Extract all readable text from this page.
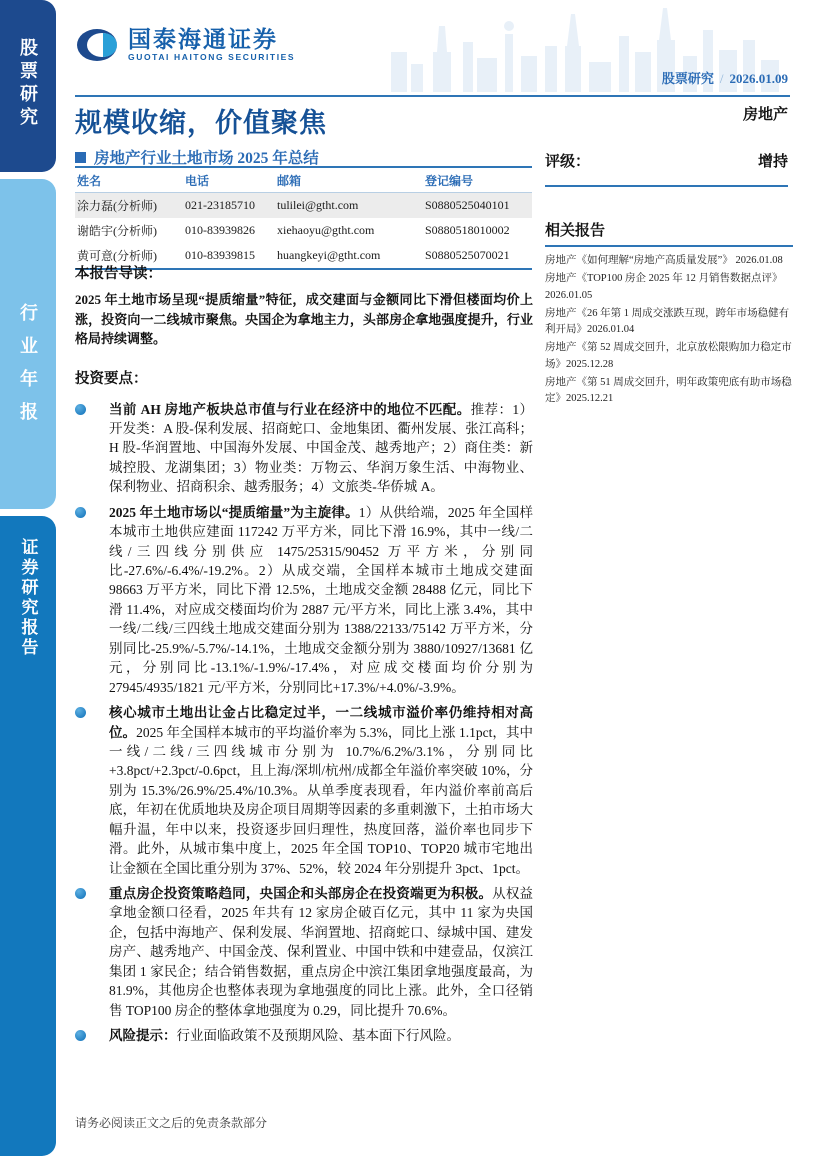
股票研究
行业年报
证券研究报告
国泰海通证券
GUOTAI HAITONG SECURITIES
股票研究 / 2026.01.09
规模收缩，价值聚焦
房地产行业土地市场 2025 年总结
房地产
评级：	增持
相关报告
房地产《如何理解“房地产高质量发展”》 2026.01.08
房地产《TOP100 房企 2025 年 12 月销售数据点评》2026.01.05
房地产《26 年第 1 周成交涨跌互现，跨年市场稳健有利开局》2026.01.04
房地产《第 52 周成交回升，北京放松限购加力稳定市场》2025.12.28
房地产《第 51 周成交回升，明年政策兜底有助市场稳定》2025.12.21
姓名	电话	邮箱	登记编号
涂力磊(分析师)	021-23185710	tulilei@gtht.com	S0880525040101
谢皓宇(分析师)	010-83939826	xiehaoyu@gtht.com	S0880518010002
黄可意(分析师)	010-83939815	huangkeyi@gtht.com	S0880525070021
本报告导读：
2025 年土地市场呈现“提质缩量”特征，成交建面与金额同比下滑但楼面均价上涨，投资向一二线城市聚焦。央国企为拿地主力，头部房企拿地强度提升，行业格局持续调整。
投资要点：
当前 AH 房地产板块总市值与行业在经济中的地位不匹配。推荐：1）开发类：A 股-保利发展、招商蛇口、金地集团、衢州发展、张江高科；H 股-华润置地、中国海外发展、中国金茂、越秀地产；2）商住类：新城控股、龙湖集团；3）物业类：万物云、华润万象生活、中海物业、保利物业、招商积余、越秀服务；4）文旅类-华侨城 A。
2025 年土地市场以“提质缩量”为主旋律。1）从供给端，2025 年全国样本城市土地供应建面 117242 万平方米，同比下滑 16.9%，其中一线/二线/三四线分别供应 1475/25315/90452 万平方米，分别同比-27.6%/-6.4%/-19.2%。2）从成交端，全国样本城市土地成交建面 98663 万平方米，同比下滑 12.5%，土地成交金额 28488 亿元，同比下滑 11.4%，对应成交楼面均价为 2887 元/平方米，同比上涨 3.4%，其中一线/二线/三四线土地成交建面分别为 1388/22133/75142 万平方米，分别同比-25.9%/-5.7%/-14.1%，土地成交金额分别为 3880/10927/13681 亿元，分别同比-13.1%/-1.9%/-17.4%，对应成交楼面均价分别为 27945/4935/1821 元/平方米，分别同比+17.3%/+4.0%/-3.9%。
核心城市土地出让金占比稳定过半，一二线城市溢价率仍维持相对高位。2025 年全国样本城市的平均溢价率为 5.3%，同比上涨 1.1pct，其中一线/二线/三四线城市分别为 10.7%/6.2%/3.1%，分别同比+3.8pct/+2.3pct/-0.6pct，且上海/深圳/杭州/成都全年溢价率突破 10%，分别为 15.3%/26.9%/25.4%/10.3%。从单季度表现看，年内溢价率前高后底，年初在优质地块及房企项目周期等因素的多重刺激下，土拍市场大幅升温，年中以来，投资逐步回归理性，热度回落，溢价率也同步下滑。此外，从城市集中度上，2025 年全国 TOP10、TOP20 城市宅地出让金额在全国比重分别为 37%、52%，较 2024 年分别提升 3pct、1pct。
重点房企投资策略趋同，央国企和头部房企在投资端更为积极。从权益拿地金额口径看，2025 年共有 12 家房企破百亿元，其中 11 家为央国企，包括中海地产、保利发展、华润置地、招商蛇口、绿城中国、建发房产、越秀地产、中国金茂、保利置业、中国中铁和中建壹品，仅滨江集团 1 家民企；结合销售数据，重点房企中滨江集团拿地强度最高，为 81.9%，其他房企也整体表现为拿地强度的同比上涨。此外，全口径销售 TOP100 房企的整体拿地强度为 0.29，同比提升 70.6%。
风险提示：行业面临政策不及预期风险、基本面下行风险。
请务必阅读正文之后的免责条款部分
